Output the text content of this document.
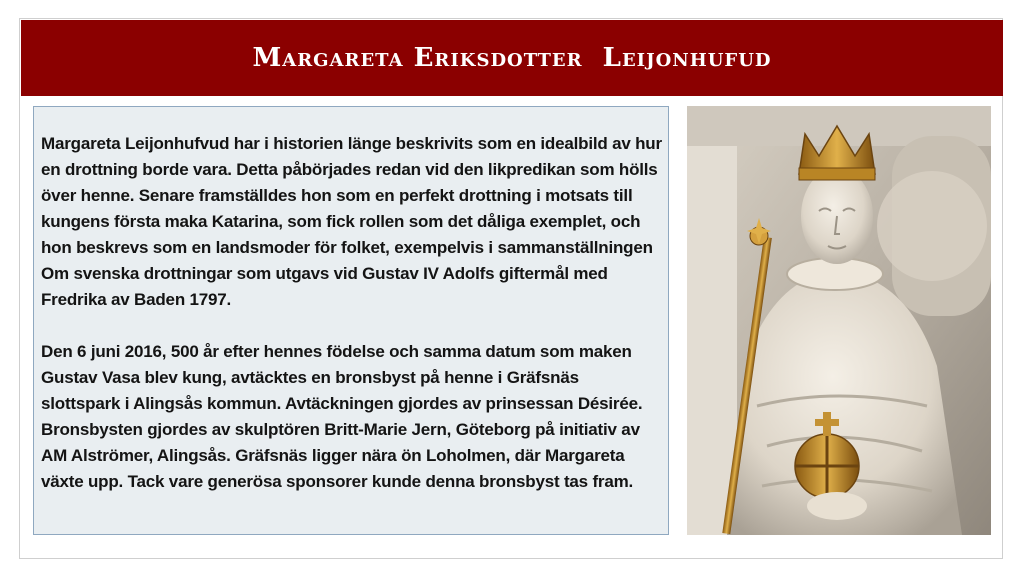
Margareta Eriksdotter  Leijonhufud

Margareta Leijonhufvud har i historien länge beskrivits som en idealbild av hur en drottning borde vara. Detta påbörjades redan vid den likpredikan som hölls över henne. Senare framställdes hon som en perfekt drottning i motsats till kungens första maka Katarina, som fick rollen som det dåliga exemplet, och hon beskrevs som en landsmoder för folket, exempelvis i sammanställningen Om svenska drottningar som utgavs vid Gustav IV Adolfs giftermål med Fredrika av Baden 1797.

Den 6 juni 2016, 500 år efter hennes födelse och samma datum som maken Gustav Vasa blev kung, avtäcktes en bronsbyst på henne i Gräfsnäs slottspark i Alingsås kommun. Avtäckningen gjordes av prinsessan Désirée. Bronsbysten gjordes av skulptören Britt-Marie Jern, Göteborg på initiativ av AM Alströmer, Alingsås. Gräfsnäs ligger nära ön Loholmen, där Margareta växte upp. Tack vare generösa sponsorer kunde denna bronsbyst tas fram.
